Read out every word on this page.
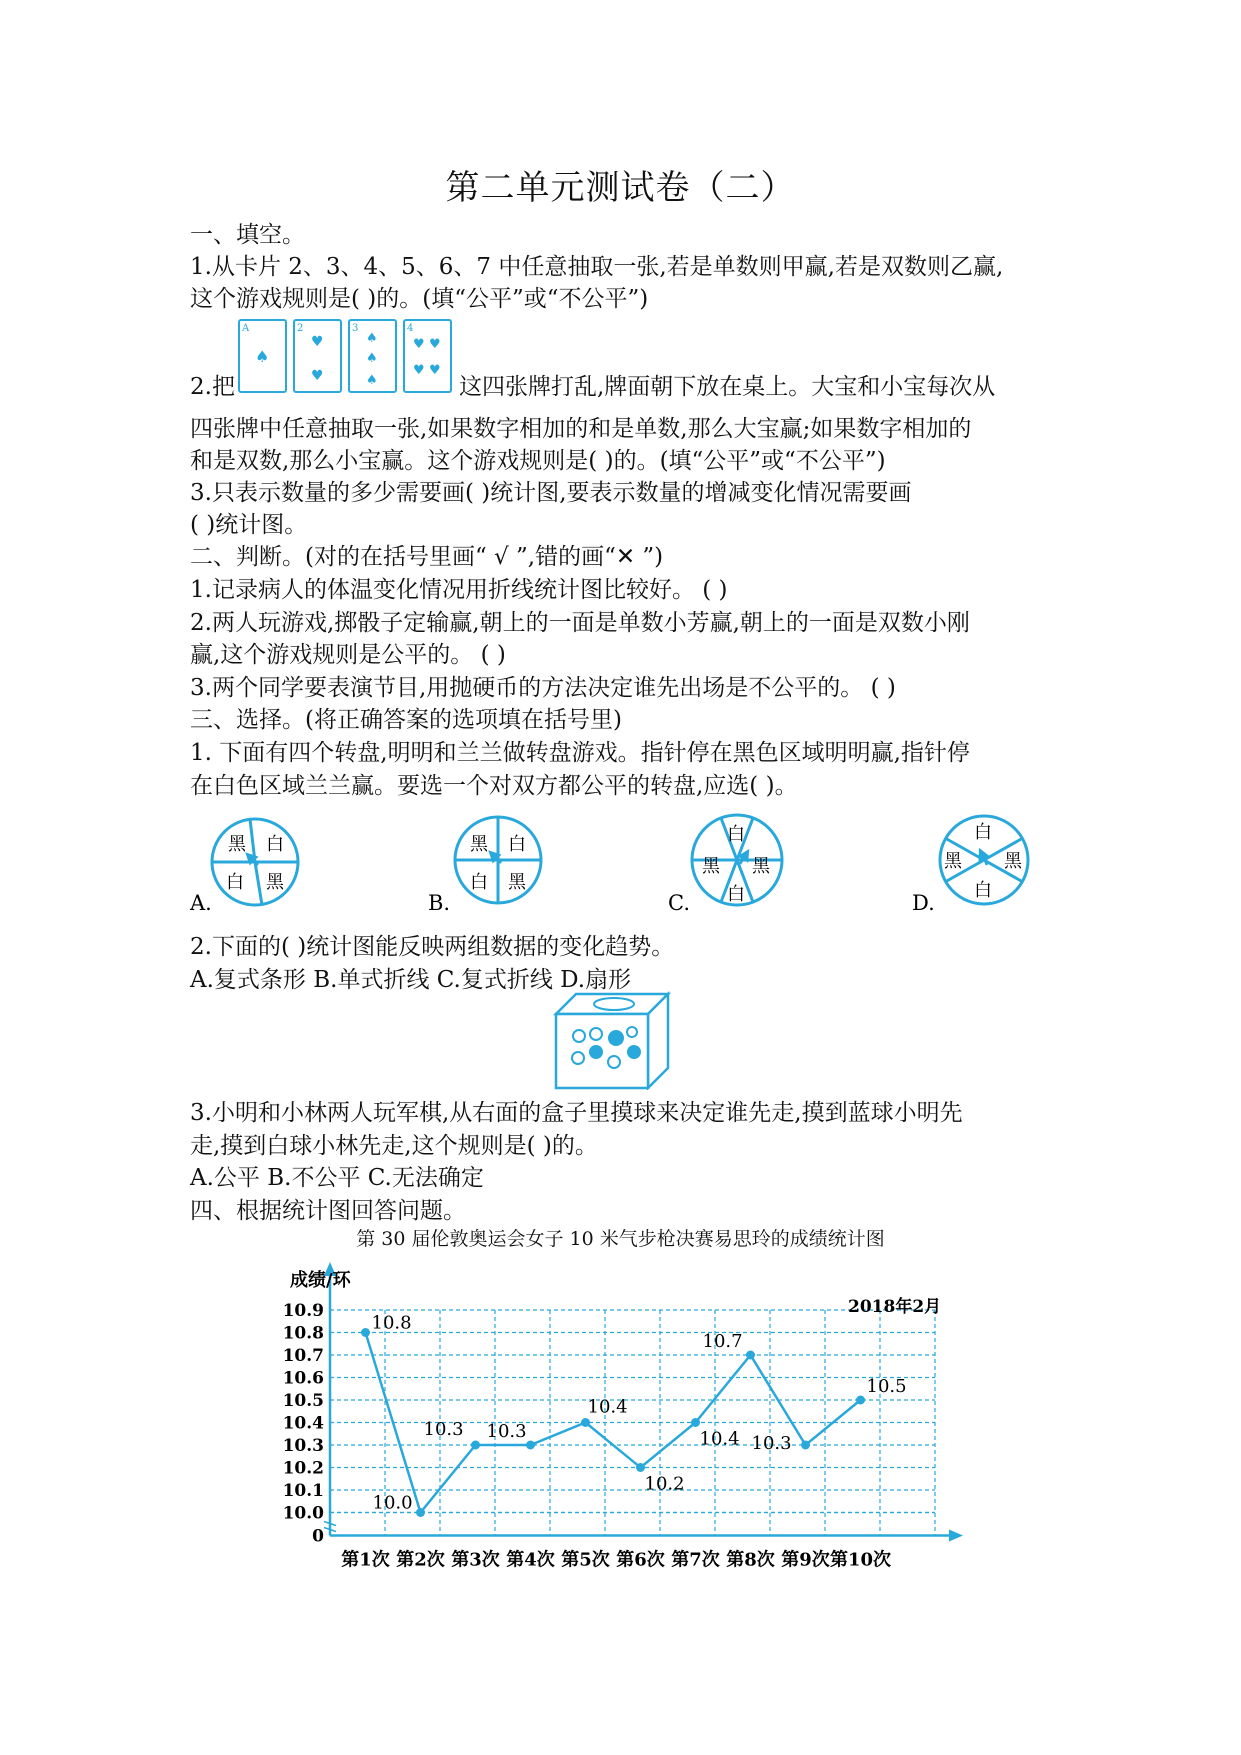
第二单元测试卷（二）
一、填空。
1.从卡片 2、3、4、5、6、7 中任意抽取一张,若是单数则甲赢,若是双数则乙赢,
这个游戏规则是( )的。(填“公平”或“不公平”)
2.把
A
♠
2
♥
♥
3
♠
♠
♠
4
♥ ♥
♥ ♥
这四张牌打乱,牌面朝下放在桌上。大宝和小宝每次从
四张牌中任意抽取一张,如果数字相加的和是单数,那么大宝赢;如果数字相加的
和是双数,那么小宝赢。这个游戏规则是( )的。(填“公平”或“不公平”)
3.只表示数量的多少需要画( )统计图,要表示数量的增减变化情况需要画
( )统计图。
二、判断。(对的在括号里画“ √ ”,错的画“✕ ”)
1.记录病人的体温变化情况用折线统计图比较好。 ( )
2.两人玩游戏,掷骰子定输赢,朝上的一面是单数小芳赢,朝上的一面是双数小刚
赢,这个游戏规则是公平的。 ( )
3.两个同学要表演节目,用抛硬币的方法决定谁先出场是不公平的。 ( )
三、选择。(将正确答案的选项填在括号里)
1. 下面有四个转盘,明明和兰兰做转盘游戏。指针停在黑色区域明明赢,指针停
在白色区域兰兰赢。要选一个对双方都公平的转盘,应选( )。
A.
黑 白
白 黑
B.
黑 白
白 黑
C.
白
黑 黑
白	D.
白
黑 黑
白
2.下面的( )统计图能反映两组数据的变化趋势。
A.复式条形 B.单式折线 C.复式折线 D.扇形
3.小明和小林两人玩军棋,从右面的盒子里摸球来决定谁先走,摸到蓝球小明先
走,摸到白球小林先走,这个规则是( )的。
A.公平 B.不公平 C.无法确定
四、根据统计图回答问题。
第 30 届伦敦奥运会女子 10 米气步枪决赛易思玲的成绩统计图
10.9
10.8
10.7
10.6
10.5
10.4
10.3
10.2
10.1
10.0
0
第1次 第2次 第3次 第4次 第5次 第6次 第7次 第8次 第9次 第10次
10.8
10.0
10.3 10.3
10.4
10.2
10.4
10.7
10.3
10.5
成绩/环
2018年2月
